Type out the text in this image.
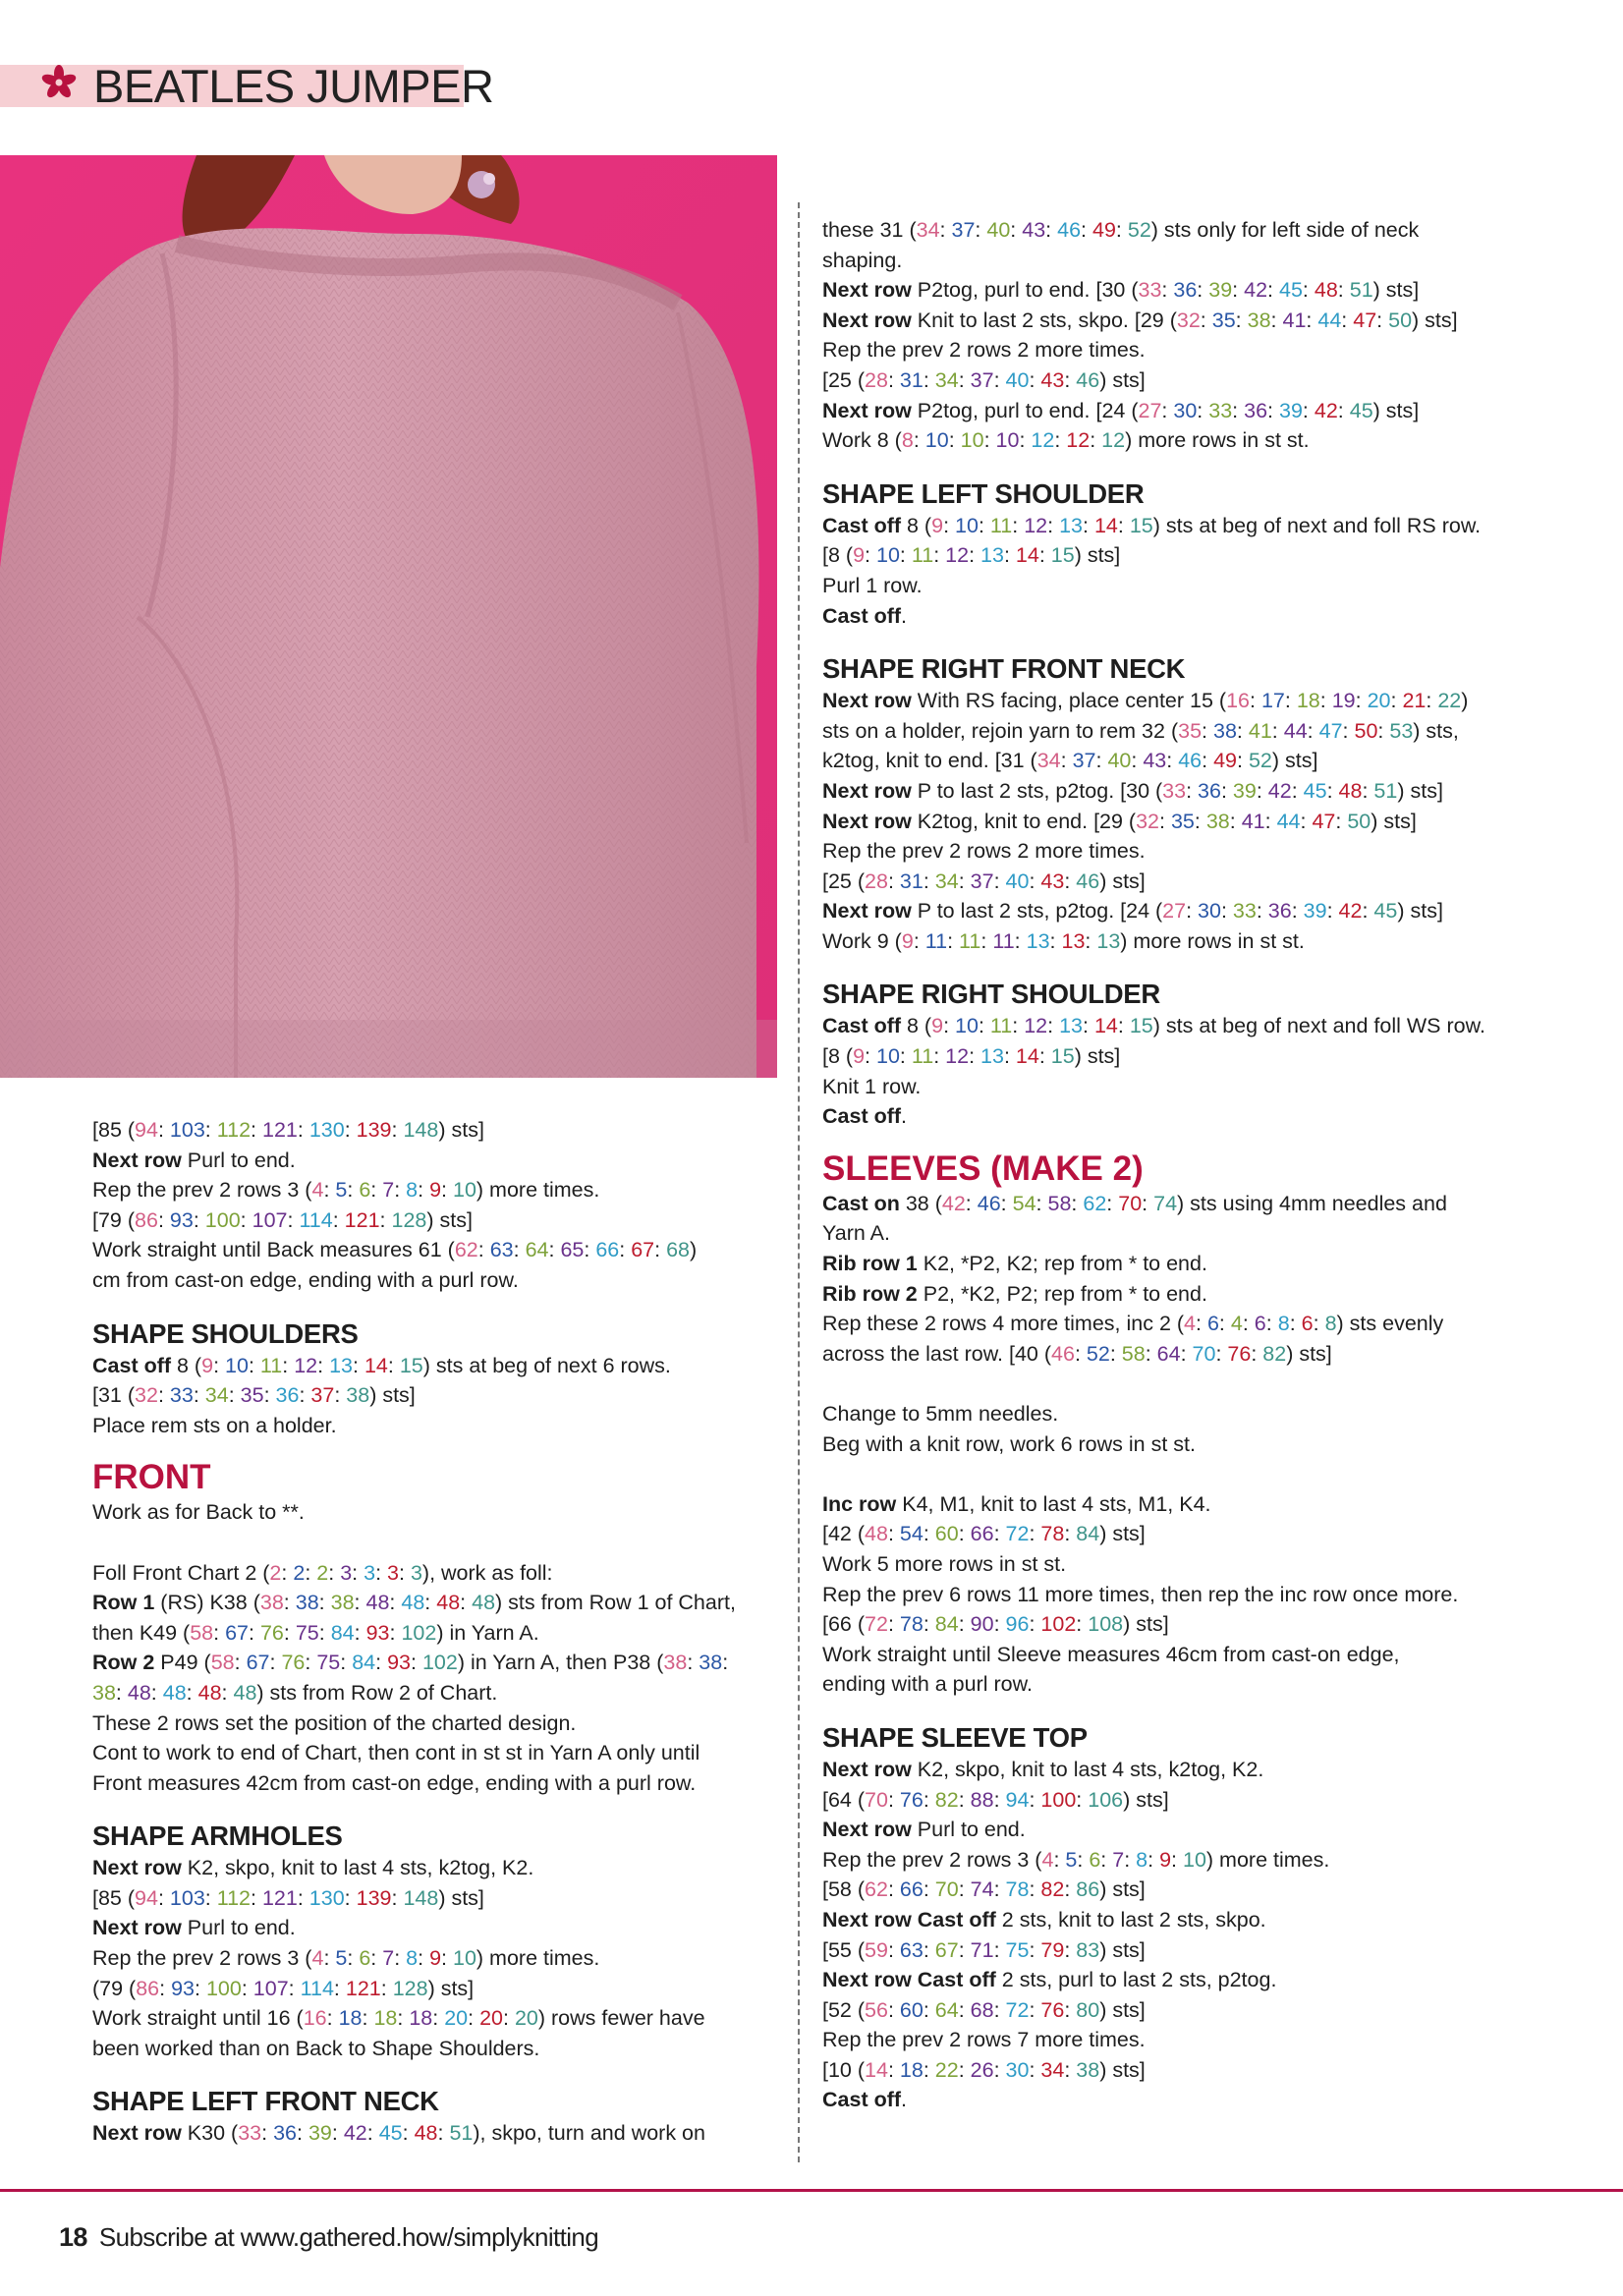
BEATLES JUMPER

[85 (94: 103: 112: 121: 130: 139: 148) sts]

Next row Purl to end.

Rep the prev 2 rows 3 (4: 5: 6: 7: 8: 9: 10) more times.

[79 (86: 93: 100: 107: 114: 121: 128) sts]

Work straight until Back measures 61 (62: 63: 64: 65: 66: 67: 68)

cm from cast-on edge, ending with a purl row.

SHAPE SHOULDERS

Cast off 8 (9: 10: 11: 12: 13: 14: 15) sts at beg of next 6 rows.

[31 (32: 33: 34: 35: 36: 37: 38) sts]

Place rem sts on a holder.

FRONT

Work as for Back to **.

Foll Front Chart 2 (2: 2: 2: 3: 3: 3: 3), work as foll:

Row 1 (RS) K38 (38: 38: 38: 48: 48: 48: 48) sts from Row 1 of Chart,

then K49 (58: 67: 76: 75: 84: 93: 102) in Yarn A.

Row 2 P49 (58: 67: 76: 75: 84: 93: 102) in Yarn A, then P38 (38: 38:

38: 48: 48: 48: 48) sts from Row 2 of Chart.

These 2 rows set the position of the charted design.

Cont to work to end of Chart, then cont in st st in Yarn A only until

Front measures 42cm from cast-on edge, ending with a purl row.

SHAPE ARMHOLES

Next row K2, skpo, knit to last 4 sts, k2tog, K2.

[85 (94: 103: 112: 121: 130: 139: 148) sts]

Next row Purl to end.

Rep the prev 2 rows 3 (4: 5: 6: 7: 8: 9: 10) more times.

(79 (86: 93: 100: 107: 114: 121: 128) sts]

Work straight until 16 (16: 18: 18: 18: 20: 20: 20) rows fewer have

been worked than on Back to Shape Shoulders.

SHAPE LEFT FRONT NECK

Next row K30 (33: 36: 39: 42: 45: 48: 51), skpo, turn and work on

these 31 (34: 37: 40: 43: 46: 49: 52) sts only for left side of neck

shaping.

Next row P2tog, purl to end. [30 (33: 36: 39: 42: 45: 48: 51) sts]

Next row Knit to last 2 sts, skpo. [29 (32: 35: 38: 41: 44: 47: 50) sts]

Rep the prev 2 rows 2 more times.

[25 (28: 31: 34: 37: 40: 43: 46) sts]

Next row P2tog, purl to end. [24 (27: 30: 33: 36: 39: 42: 45) sts]

Work 8 (8: 10: 10: 10: 12: 12: 12) more rows in st st.

SHAPE LEFT SHOULDER

Cast off 8 (9: 10: 11: 12: 13: 14: 15) sts at beg of next and foll RS row.

[8 (9: 10: 11: 12: 13: 14: 15) sts]

Purl 1 row.

Cast off.

SHAPE RIGHT FRONT NECK

Next row With RS facing, place center 15 (16: 17: 18: 19: 20: 21: 22)

sts on a holder, rejoin yarn to rem 32 (35: 38: 41: 44: 47: 50: 53) sts,

k2tog, knit to end. [31 (34: 37: 40: 43: 46: 49: 52) sts]

Next row P to last 2 sts, p2tog. [30 (33: 36: 39: 42: 45: 48: 51) sts]

Next row K2tog, knit to end. [29 (32: 35: 38: 41: 44: 47: 50) sts]

Rep the prev 2 rows 2 more times.

[25 (28: 31: 34: 37: 40: 43: 46) sts]

Next row P to last 2 sts, p2tog. [24 (27: 30: 33: 36: 39: 42: 45) sts]

Work 9 (9: 11: 11: 11: 13: 13: 13) more rows in st st.

SHAPE RIGHT SHOULDER

Cast off 8 (9: 10: 11: 12: 13: 14: 15) sts at beg of next and foll WS row.

[8 (9: 10: 11: 12: 13: 14: 15) sts]

Knit 1 row.

Cast off.

SLEEVES (MAKE 2)

Cast on 38 (42: 46: 54: 58: 62: 70: 74) sts using 4mm needles and

Yarn A.

Rib row 1 K2, *P2, K2; rep from * to end.

Rib row 2 P2, *K2, P2; rep from * to end.

Rep these 2 rows 4 more times, inc 2 (4: 6: 4: 6: 8: 6: 8) sts evenly

across the last row. [40 (46: 52: 58: 64: 70: 76: 82) sts]

Change to 5mm needles.

Beg with a knit row, work 6 rows in st st.

Inc row K4, M1, knit to last 4 sts, M1, K4.

[42 (48: 54: 60: 66: 72: 78: 84) sts]

Work 5 more rows in st st.

Rep the prev 6 rows 11 more times, then rep the inc row once more.

[66 (72: 78: 84: 90: 96: 102: 108) sts]

Work straight until Sleeve measures 46cm from cast-on edge,

ending with a purl row.

SHAPE SLEEVE TOP

Next row K2, skpo, knit to last 4 sts, k2tog, K2.

[64 (70: 76: 82: 88: 94: 100: 106) sts]

Next row Purl to end.

Rep the prev 2 rows 3 (4: 5: 6: 7: 8: 9: 10) more times.

[58 (62: 66: 70: 74: 78: 82: 86) sts]

Next row Cast off 2 sts, knit to last 2 sts, skpo.

[55 (59: 63: 67: 71: 75: 79: 83) sts]

Next row Cast off 2 sts, purl to last 2 sts, p2tog.

[52 (56: 60: 64: 68: 72: 76: 80) sts]

Rep the prev 2 rows 7 more times.

[10 (14: 18: 22: 26: 30: 34: 38) sts]

Cast off.

18 Subscribe at www.gathered.how/simplyknitting
